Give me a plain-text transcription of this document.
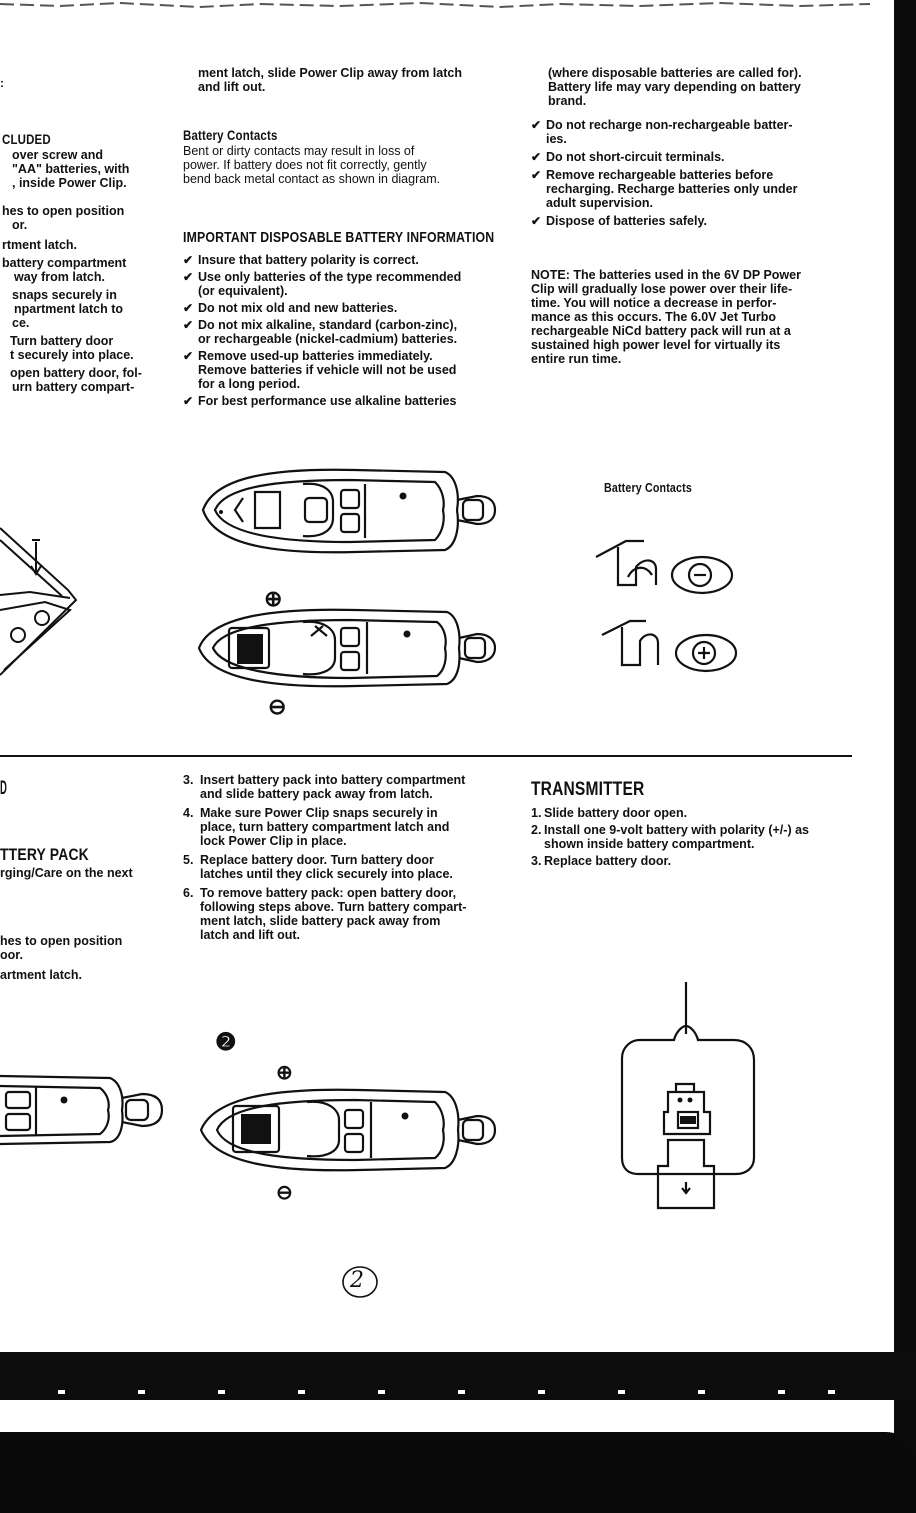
:
CLUDED
over screw and
"AA" batteries, with
, inside Power Clip.
hes to open position
or.
rtment latch.
battery compartment
way from latch.
snaps securely in
npartment latch to
ce.
Turn battery door
t securely into place.
open battery door, fol-
urn battery compart-
ment latch, slide Power Clip away from latch
and lift out.
Battery Contacts
Bent or dirty contacts may result in loss of
power. If battery does not fit correctly, gently
bend back metal contact as shown in diagram.
IMPORTANT DISPOSABLE BATTERY INFORMATION
✔ Insure that battery polarity is correct.
✔ Use only batteries of the type recommended
(or equivalent).
✔ Do not mix old and new batteries.
✔ Do not mix alkaline, standard (carbon-zinc),
or rechargeable (nickel-cadmium) batteries.
✔ Remove used-up batteries immediately.
Remove batteries if vehicle will not be used
for a long period.
✔ For best performance use alkaline batteries
(where disposable batteries are called for).
Battery life may vary depending on battery
brand.
✔ Do not recharge non-rechargeable batter-
ies.
✔ Do not short-circuit terminals.
✔ Remove rechargeable batteries before
recharging. Recharge batteries only under
adult supervision.
✔ Dispose of batteries safely.
NOTE: The batteries used in the 6V DP Power
Clip will gradually lose power over their life-
time. You will notice a decrease in perfor-
mance as this occurs. The 6.0V Jet Turbo
rechargeable NiCd battery pack will run at a
sustained high power level for virtually its
entire run time.
⊕
⊖
Battery Contacts
D
TTERY PACK
rging/Care on the next
hes to open position
oor.
artment latch.
3. Insert battery pack into battery compartment
and slide battery pack away from latch.
4. Make sure Power Clip snaps securely in
place, turn battery compartment latch and
lock Power Clip in place.
5. Replace battery door. Turn battery door
latches until they click securely into place.
6. To remove battery pack: open battery door,
following steps above. Turn battery compart-
ment latch, slide battery pack away from
latch and lift out.
❷
⊕
⊖
TRANSMITTER
1. Slide battery door open.
2. Install one 9-volt battery with polarity (+/-) as
shown inside battery compartment.
3. Replace battery door.
2
